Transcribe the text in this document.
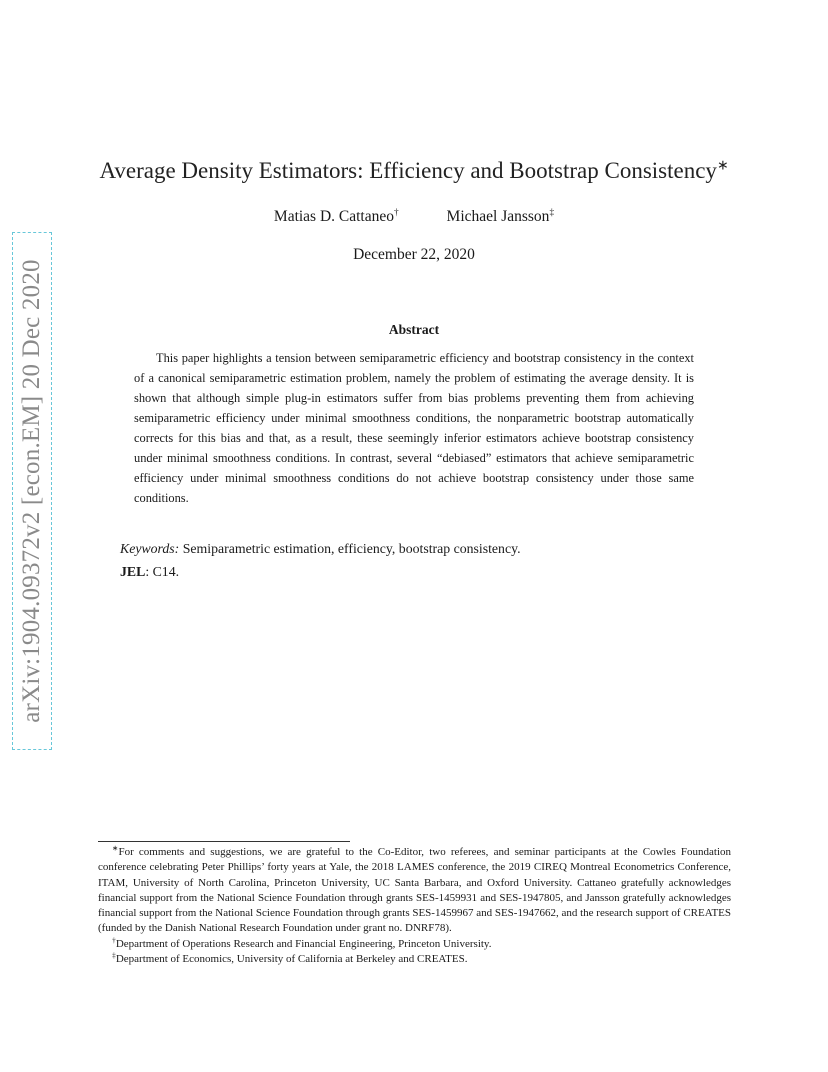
arXiv:1904.09372v2 [econ.EM] 20 Dec 2020
Average Density Estimators: Efficiency and Bootstrap Consistency∗
Matias D. Cattaneo†	Michael Jansson‡
December 22, 2020
Abstract
This paper highlights a tension between semiparametric efficiency and bootstrap consistency in the context of a canonical semiparametric estimation problem, namely the problem of estimating the average density. It is shown that although simple plug-in estimators suffer from bias problems preventing them from achieving semiparametric efficiency under minimal smoothness conditions, the nonparametric bootstrap automatically corrects for this bias and that, as a result, these seemingly inferior estimators achieve bootstrap consistency under minimal smoothness conditions. In contrast, several “debiased” estimators that achieve semiparametric efficiency under minimal smoothness conditions do not achieve bootstrap consistency under those same conditions.
Keywords: Semiparametric estimation, efficiency, bootstrap consistency.
JEL: C14.

∗For comments and suggestions, we are grateful to the Co-Editor, two referees, and seminar participants at the Cowles Foundation conference celebrating Peter Phillips’ forty years at Yale, the 2018 LAMES conference, the 2019 CIREQ Montreal Econometrics Conference, ITAM, University of North Carolina, Princeton University, UC Santa Barbara, and Oxford University. Cattaneo gratefully acknowledges financial support from the National Science Foundation through grants SES-1459931 and SES-1947805, and Jansson gratefully acknowledges financial support from the National Science Foundation through grants SES-1459967 and SES-1947662, and the research support of CREATES (funded by the Danish National Research Foundation under grant no. DNRF78).

†Department of Operations Research and Financial Engineering, Princeton University.

‡Department of Economics, University of California at Berkeley and CREATES.
